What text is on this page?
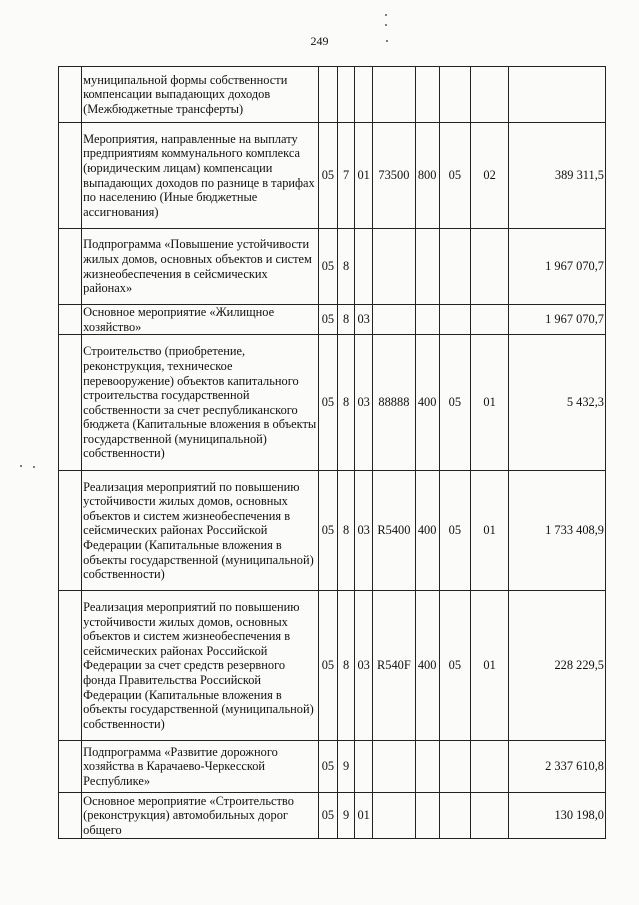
249
	муниципальной формы собственности компенсации выпадающих доходов (Межбюджетные трансферты)								
	Мероприятия, направленные на выплату предприятиям коммунального комплекса (юридическим лицам) компенсации выпадающих доходов по разнице в тарифах по населению (Иные бюджетные ассигнования)	05	7	01	73500	800	05	02	389 311,5
	Подпрограмма «Повышение устойчивости жилых домов, основных объектов и систем жизнеобеспечения в сейсмических районах»	05	8						1 967 070,7
	Основное мероприятие «Жилищное хозяйство»	05	8	03					1 967 070,7
	Строительство (приобретение, реконструкция, техническое перевооружение) объектов капитального строительства государственной собственности за счет республиканского бюджета (Капитальные вложения в объекты государственной (муниципальной) собственности)	05	8	03	88888	400	05	01	5 432,3
	Реализация мероприятий по повышению устойчивости жилых домов, основных объектов и систем жизнеобеспечения в сейсмических районах Российской Федерации (Капитальные вложения в объекты государственной (муниципальной) собственности)	05	8	03	R5400	400	05	01	1 733 408,9
	Реализация мероприятий по повышению устойчивости жилых домов, основных объектов и систем жизнеобеспечения в сейсмических районах Российской Федерации за счет средств резервного фонда Правительства Российской Федерации (Капитальные вложения в объекты государственной (муниципальной) собственности)	05	8	03	R540F	400	05	01	228 229,5
	Подпрограмма «Развитие дорожного хозяйства в Карачаево-Черкесской Республике»	05	9						2 337 610,8
	Основное мероприятие «Строительство (реконструкция) автомобильных дорог общего	05	9	01					130 198,0
